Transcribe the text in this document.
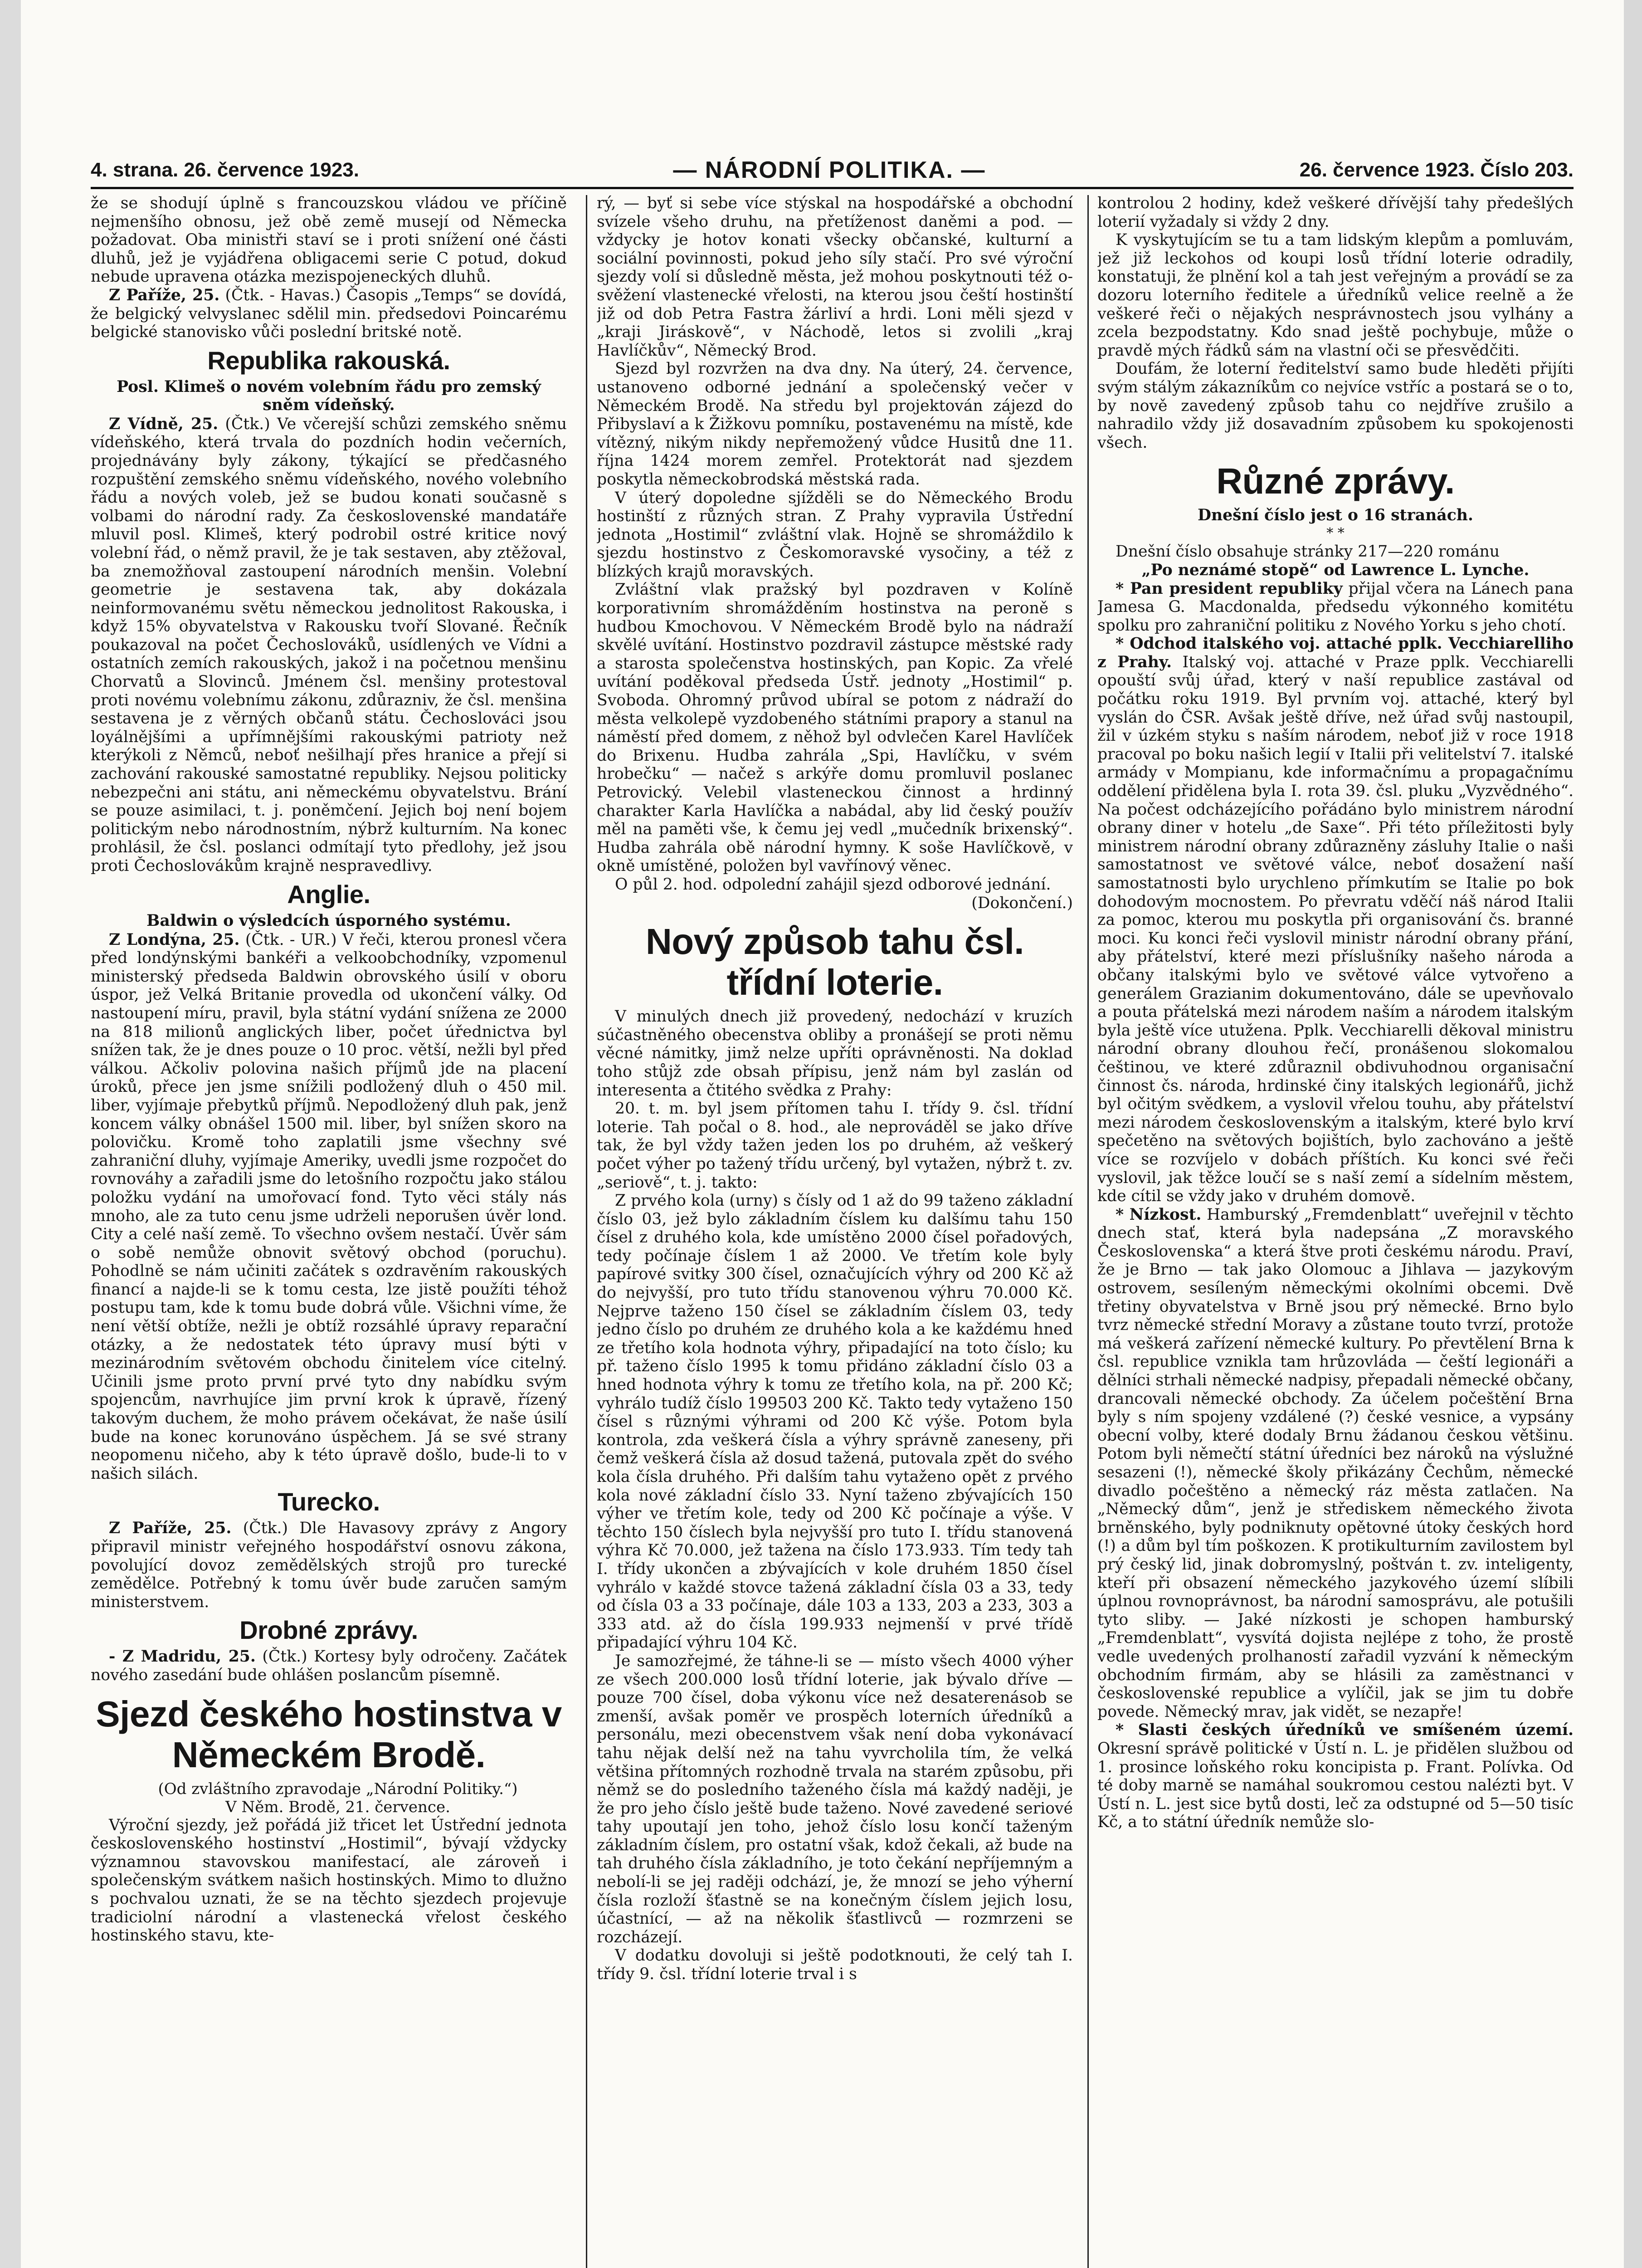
4. strana. 26. července 1923.	— NÁRODNÍ POLITIKA. —	26. července 1923. Číslo 203.

že se shodují úplně s francouzskou vládou ve příčině nejmenšího obnosu, jež obě země musejí od Německa požadovat. Oba ministři staví se i proti snížení oné části dluhů, jež je vyjádřena obligacemi serie C potud, dokud nebude upravena otázka mezispojeneckých dluhů.

Z Paříže, 25. (Čtk. - Havas.) Časopis „Temps“ se dovídá, že belgický velvyslanec sdělil min. předsedovi Poincarému belgické stanovisko vůči poslední britské notě.

Republika rakouská.
Posl. Klimeš o novém volebním řádu pro zemský sněm vídeňský.

Z Vídně, 25. (Čtk.) Ve včerejší schůzi zemského sněmu vídeňského, která trvala do pozdních hodin večerních, projednávány byly zákony, týkající se předčasného rozpuštění zemského sněmu vídeňského, nového volebního řádu a nových voleb, jež se budou konati současně s volbami do národní rady. Za československé mandatáře mluvil posl. Klimeš, který podrobil ostré kritice nový volební řád, o němž pravil, že je tak sestaven, aby ztěžoval, ba znemožňoval zastoupení národních menšin. Volební geometrie je sestavena tak, aby dokázala neinformovanému světu německou jednolitost Rakouska, i když 15% obyvatelstva v Rakousku tvoří Slované. Řečník poukazoval na počet Čechoslováků, usídlených ve Vídni a ostatních zemích rakouských, jakož i na početnou menšinu Chorvatů a Slovinců. Jménem čsl. menšiny protestoval proti novému volebnímu zákonu, zdůrazniv, že čsl. menšina sestavena je z věrných občanů státu. Čechoslováci jsou loyálnějšími a upřímnějšími rakouskými patrioty než kterýkoli z Němců, neboť nešilhají přes hranice a přejí si zachování rakouské samostatné republiky. Nejsou politicky nebezpečni ani státu, ani německému obyvatelstvu. Brání se pouze asimilaci, t. j. poněmčení. Jejich boj není bojem politickým nebo národnostním, nýbrž kulturním. Na konec prohlásil, že čsl. poslanci odmítají tyto předlohy, jež jsou proti Čechoslovákům krajně nespravedlivy.

Anglie.
Baldwin o výsledcích úsporného systému.

Z Londýna, 25. (Čtk. - UR.) V řeči, kterou pronesl včera před londýnskými bankéři a velkoobchodníky, vzpomenul ministerský předseda Baldwin obrovského úsilí v oboru úspor, jež Velká Britanie provedla od ukončení války. Od nastoupení míru, pravil, byla státní vydání snížena ze 2000 na 818 milionů anglických liber, počet úřednictva byl snížen tak, že je dnes pouze o 10 proc. větší, nežli byl před válkou. Ačkoliv polovina našich příjmů jde na placení úroků, přece jen jsme snížili podložený dluh o 450 mil. liber, vyjímaje přebytků příjmů. Nepodložený dluh pak, jenž koncem války obnášel 1500 mil. liber, byl snížen skoro na polovičku. Kromě toho zaplatili jsme všechny své zahraniční dluhy, vyjímaje Ameriky, uvedli jsme rozpočet do rovnováhy a zařadili jsme do letošního rozpočtu jako stálou položku vydání na umořovací fond. Tyto věci stály nás mnoho, ale za tuto cenu jsme udrželi neporušen úvěr lond. City a celé naší země. To všechno ovšem nestačí. Úvěr sám o sobě nemůže obnovit světový obchod (poruchu). Pohodlně se nám učiniti začátek s ozdravěním rakouských financí a najde-li se k tomu cesta, lze jistě použíti téhož postupu tam, kde k tomu bude dobrá vůle. Všichni víme, že není větší obtíže, nežli je obtíž rozsáhlé úpravy reparační otázky, a že nedostatek této úpravy musí býti v mezinárodním světovém obchodu činitelem více citelný. Učinili jsme proto první prvé tyto dny nabídku svým spojencům, navrhujíce jim první krok k úpravě, řízený takovým duchem, že moho právem očekávat, že naše úsilí bude na konec korunováno úspěchem. Já se své strany neopomenu ničeho, aby k této úpravě došlo, bude-li to v našich silách.

Turecko.

Z Paříže, 25. (Čtk.) Dle Havasovy zprávy z Angory připravil ministr veřejného hospodářství osnovu zákona, povolující dovoz zemědělských strojů pro turecké zemědělce. Potřebný k tomu úvěr bude zaručen samým ministerstvem.

Drobné zprávy.

- Z Madridu, 25. (Čtk.) Kortesy byly odročeny. Začátek nového zasedání bude ohlášen poslancům písemně.

Sjezd českého hostinstva v Německém Brodě.

(Od zvláštního zpravodaje „Národní Politiky.“)

V Něm. Brodě, 21. července.

Výroční sjezdy, jež pořádá již třicet let Ústřední jednota československého hostinství „Hostimil“, bývají vždycky významnou stavovskou manifestací, ale zároveň i společenským svátkem našich hostinských. Mimo to dlužno s pochvalou uznati, že se na těchto sjezdech projevuje tradiciolní národní a vlastenecká vřelost českého hostinského stavu, kte-

rý, — byť si sebe více stýskal na hospodářské a obchodní svízele všeho druhu, na přetíženost daněmi a pod. — vždycky je hotov konati všecky občanské, kulturní a sociální povinnosti, pokud jeho síly stačí. Pro své výroční sjezdy volí si důsledně města, jež mohou poskytnouti též o-svěžení vlastenecké vřelosti, na kterou jsou čeští hostinští již od dob Petra Fastra žárliví a hrdi. Loni měli sjezd v „kraji Jiráskově“, v Náchodě, letos si zvolili „kraj Havlíčkův“, Německý Brod.

Sjezd byl rozvržen na dva dny. Na úterý, 24. července, ustanoveno odborné jednání a společenský večer v Německém Brodě. Na středu byl projektován zájezd do Přibyslaví a k Žižkovu pomníku, postavenému na místě, kde vítězný, nikým nikdy nepřemožený vůdce Husitů dne 11. října 1424 morem zemřel. Protektorát nad sjezdem poskytla německobrodská městská rada.

V úterý dopoledne sjížděli se do Německého Brodu hostinští z různých stran. Z Prahy vypravila Ústřední jednota „Hostimil“ zvláštní vlak. Hojně se shromáždilo k sjezdu hostinstvo z Českomoravské vysočiny, a též z blízkých krajů moravských.

Zvláštní vlak pražský byl pozdraven v Kolíně korporativním shromážděním hostinstva na peroně s hudbou Kmochovou. V Německém Brodě bylo na nádraží skvělé uvítání. Hostinstvo pozdravil zástupce městské rady a starosta společenstva hostinských, pan Kopic. Za vřelé uvítání poděkoval předseda Ústř. jednoty „Hostimil“ p. Svoboda. Ohromný průvod ubíral se potom z nádraží do města velkolepě vyzdobeného státními prapory a stanul na náměstí před domem, z něhož byl odvlečen Karel Havlíček do Brixenu. Hudba zahrála „Spi, Havlíčku, v svém hrobečku“ — načež s arkýře domu promluvil poslanec Petrovický. Velebil vlasteneckou činnost a hrdinný charakter Karla Havlíčka a nabádal, aby lid český použív měl na paměti vše, k čemu jej vedl „mučedník brixenský“. Hudba zahrála obě národní hymny. K soše Havlíčkově, v okně umístěné, položen byl vavřínový věnec.

O půl 2. hod. odpolední zahájil sjezd odborové jednání.

(Dokončení.)
Nový způsob tahu čsl. třídní loterie.

V minulých dnech již provedený, nedochází v kruzích súčastněného obecenstva obliby a pronášejí se proti němu věcné námitky, jimž nelze upříti oprávněnosti. Na doklad toho stůjž zde obsah přípisu, jenž nám byl zaslán od interesenta a čtitého svědka z Prahy:

20. t. m. byl jsem přítomen tahu I. třídy 9. čsl. třídní loterie. Tah počal o 8. hod., ale neprováděl se jako dříve tak, že byl vždy tažen jeden los po druhém, až veškerý počet výher po tažený třídu určený, byl vytažen, nýbrž t. zv. „seriově“, t. j. takto:

Z prvého kola (urny) s čísly od 1 až do 99 taženo základní číslo 03, jež bylo základním číslem ku dalšímu tahu 150 čísel z druhého kola, kde umístěno 2000 čísel pořadových, tedy počínaje číslem 1 až 2000. Ve třetím kole byly papírové svitky 300 čísel, označujících výhry od 200 Kč až do nejvyšší, pro tuto třídu stanovenou výhru 70.000 Kč. Nejprve taženo 150 čísel se základním číslem 03, tedy jedno číslo po druhém ze druhého kola a ke každému hned ze třetího kola hodnota výhry, připadající na toto číslo; ku př. taženo číslo 1995 k tomu přidáno základní číslo 03 a hned hodnota výhry k tomu ze třetího kola, na př. 200 Kč; vyhrálo tudíž číslo 199503 200 Kč. Takto tedy vytaženo 150 čísel s různými výhrami od 200 Kč výše. Potom byla kontrola, zda veškerá čísla a výhry správně zaneseny, při čemž veškerá čísla až dosud tažená, putovala zpět do svého kola čísla druhého. Při dalším tahu vytaženo opět z prvého kola nové základní číslo 33. Nyní taženo zbývajících 150 výher ve třetím kole, tedy od 200 Kč počínaje a výše. V těchto 150 číslech byla nejvyšší pro tuto I. třídu stanovená výhra Kč 70.000, jež tažena na číslo 173.933. Tím tedy tah I. třídy ukončen a zbývajících v kole druhém 1850 čísel vyhrálo v každé stovce tažená základní čísla 03 a 33, tedy od čísla 03 a 33 počínaje, dále 103 a 133, 203 a 233, 303 a 333 atd. až do čísla 199.933 nejmenší v prvé třídě připadající výhru 104 Kč.

Je samozřejmé, že táhne-li se — místo všech 4000 výher ze všech 200.000 losů třídní loterie, jak bývalo dříve — pouze 700 čísel, doba výkonu více než desaterenásob se zmenší, avšak poměr ve prospěch loterních úředníků a personálu, mezi obecenstvem však není doba vykonávací tahu nějak delší než na tahu vyvrcholila tím, že velká většina přítomných rozhodně trvala na starém způsobu, při němž se do posledního taženého čísla má každý naději, je že pro jeho číslo ještě bude taženo. Nové zavedené seriové tahy upoutají jen toho, jehož číslo losu končí taženým základním číslem, pro ostatní však, kdož čekali, až bude na tah druhého čísla základního, je toto čekání nepříjemným a nebolí-li se jej raději odchází, je, že mnozí se jeho výherní čísla rozloží šťastně se na konečným číslem jejich losu, účastnící, — až na několik šťastlivců — rozmrzeni se rozcházejí.

V dodatku dovoluji si ještě podotknouti, že celý tah I. třídy 9. čsl. třídní loterie trval i s

kontrolou 2 hodiny, kdež veškeré dřívější tahy předešlých loterií vyžadaly si vždy 2 dny.

K vyskytujícím se tu a tam lidským klepům a pomluvám, jež již leckohos od koupi losů třídní loterie odradily, konstatuji, že plnění kol a tah jest veřejným a provádí se za dozoru loterního ředitele a úředníků velice reelně a že veškeré řeči o nějakých nesprávnostech jsou vylhány a zcela bezpodstatny. Kdo snad ještě pochybuje, může o pravdě mých řádků sám na vlastní oči se přesvědčiti.

Doufám, že loterní ředitelství samo bude hleděti přijíti svým stálým zákazníkům co nejvíce vstříc a postará se o to, by nově zavedený způsob tahu co nejdříve zrušilo a nahradilo vždy již dosavadním způsobem ku spokojenosti všech.

Různé zprávy.
Dnešní číslo jest o 16 stranách.
* *

Dnešní číslo obsahuje stránky 217—220 románu

„Po neznámé stopě“ od Lawrence L. Lynche.

* Pan president republiky přijal včera na Lánech pana Jamesa G. Macdonalda, předsedu výkonného komitétu spolku pro zahraniční politiku z Nového Yorku s jeho chotí.

* Odchod italského voj. attaché pplk. Vecchiarelliho z Prahy. Italský voj. attaché v Praze pplk. Vecchiarelli opouští svůj úřad, který v naší republice zastával od počátku roku 1919. Byl prvním voj. attaché, který byl vyslán do ČSR. Avšak ještě dříve, než úřad svůj nastoupil, žil v úzkém styku s naším národem, neboť již v roce 1918 pracoval po boku našich legií v Italii při velitelství 7. italské armády v Mompianu, kde informačnímu a propagačnímu oddělení přidělena byla I. rota 39. čsl. pluku „Vyzvědného“. Na počest odcházejícího pořádáno bylo ministrem národní obrany diner v hotelu „de Saxe“. Při této příležitosti byly ministrem národní obrany zdůrazněny zásluhy Italie o naši samostatnost ve světové válce, neboť dosažení naší samostatnosti bylo urychleno přímkutím se Italie po bok dohodovým mocnostem. Po převratu vděčí náš národ Italii za pomoc, kterou mu poskytla při organisování čs. branné moci. Ku konci řeči vyslovil ministr národní obrany přání, aby přátelství, které mezi příslušníky našeho národa a občany italskými bylo ve světové válce vytvořeno a generálem Grazianim dokumentováno, dále se upevňovalo a pouta přátelská mezi národem naším a národem italským byla ještě více utužena. Pplk. Vecchiarelli děkoval ministru národní obrany dlouhou řečí, pronášenou slokomalou češtinou, ve které zdůraznil obdivuhodnou organisační činnost čs. národa, hrdinské činy italských legionářů, jichž byl očitým svědkem, a vyslovil vřelou touhu, aby přátelství mezi národem československým a italským, které bylo krví spečetěno na světových bojištích, bylo zachováno a ještě více se rozvíjelo v dobách příštích. Ku konci své řeči vyslovil, jak těžce loučí se s naší zemí a sídelním městem, kde cítil se vždy jako v druhém domově.

* Nízkost. Hamburský „Fremdenblatt“ uveřejnil v těchto dnech stať, která byla nadepsána „Z moravského Československa“ a která štve proti českému národu. Praví, že je Brno — tak jako Olomouc a Jihlava — jazykovým ostrovem, sesíleným německými okolními obcemi. Dvě třetiny obyvatelstva v Brně jsou prý německé. Brno bylo tvrz německé střední Moravy a zůstane touto tvrzí, protože má veškerá zařízení německé kultury. Po převtělení Brna k čsl. republice vznikla tam hrůzovláda — čeští legionáři a dělníci strhali německé nadpisy, přepadali německé občany, drancovali německé obchody. Za účelem počeštění Brna byly s ním spojeny vzdálené (?) české vesnice, a vypsány obecní volby, které dodaly Brnu žádanou českou většinu. Potom byli němečtí státní úředníci bez nároků na výslužné sesazeni (!), německé školy přikázány Čechům, německé divadlo počeštěno a německý ráz města zatlačen. Na „Německý dům“, jenž je střediskem německého života brněnského, byly podniknuty opětovné útoky českých hord (!) a dům byl tím poškozen. K protikulturním zavilostem byl prý český lid, jinak dobromyslný, poštván t. zv. inteligenty, kteří při obsazení německého jazykového území slíbili úplnou rovnoprávnost, ba národní samosprávu, ale potušili tyto sliby. — Jaké nízkosti je schopen hamburský „Fremdenblatt“, vysvítá dojista nejlépe z toho, že prostě vedle uvedených prolhaností zařadil vyzvání k německým obchodním firmám, aby se hlásili za zaměstnanci v československé republice a vylíčil, jak se jim tu dobře povede. Německý mrav, jak vidět, se nezapře!

* Slasti českých úředníků ve smíšeném území. Okresní správě politické v Ústí n. L. je přidělen službou od 1. prosince loňského roku koncipista p. Frant. Polívka. Od té doby marně se namáhal soukromou cestou nalézti byt. V Ústí n. L. jest sice bytů dosti, leč za odstupné od 5—50 tisíc Kč, a to státní úředník nemůže slo-
